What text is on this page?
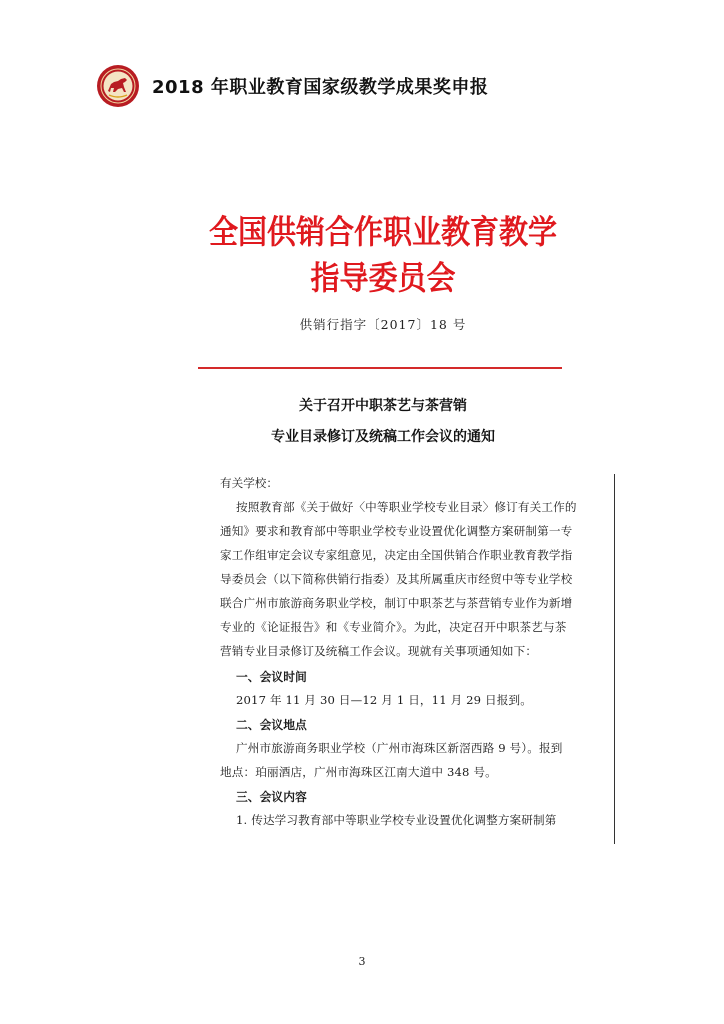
2018 年职业教育国家级教学成果奖申报
全国供销合作职业教育教学指导委员会
供销行指字〔2017〕18 号
关于召开中职茶艺与茶营销
专业目录修订及统稿工作会议的通知
有关学校：
按照教育部《关于做好〈中等职业学校专业目录〉修订有关工作的
通知》要求和教育部中等职业学校专业设置优化调整方案研制第一专
家工作组审定会议专家组意见，决定由全国供销合作职业教育教学指
导委员会（以下简称供销行指委）及其所属重庆市经贸中等专业学校
联合广州市旅游商务职业学校，制订中职茶艺与茶营销专业作为新增
专业的《论证报告》和《专业简介》。为此，决定召开中职茶艺与茶
营销专业目录修订及统稿工作会议。现就有关事项通知如下：
一、会议时间
2017 年 11 月 30 日—12 月 1 日，11 月 29 日报到。
二、会议地点
广州市旅游商务职业学校（广州市海珠区新滘西路 9 号）。报到
地点：珀丽酒店，广州市海珠区江南大道中 348 号。
三、会议内容
1. 传达学习教育部中等职业学校专业设置优化调整方案研制第
3
